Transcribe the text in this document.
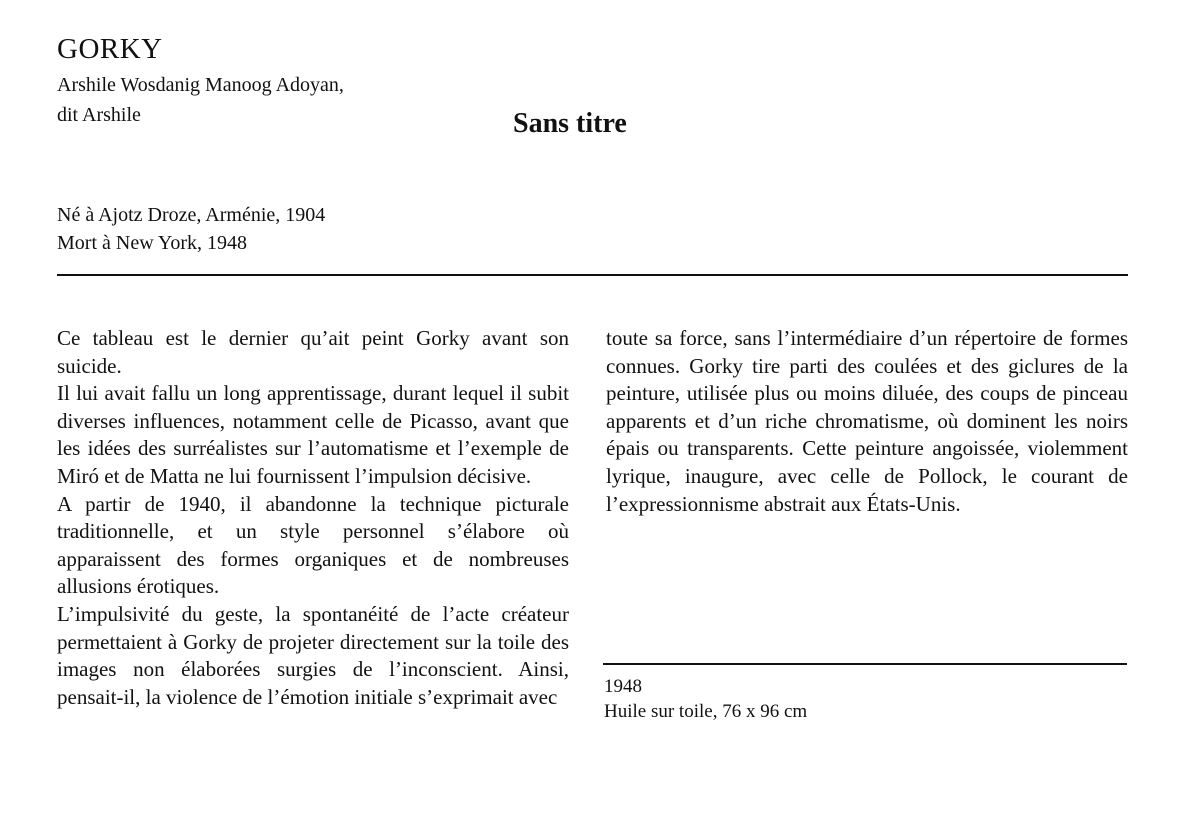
GORKY
Arshile Wosdanig Manoog Adoyan,
dit Arshile	Sans titre
Né à Ajotz Droze, Arménie, 1904
Mort à New York, 1948

Ce tableau est le dernier qu’ait peint Gorky avant son suicide.

Il lui avait fallu un long apprentissage, durant lequel il subit diverses influences, notamment celle de Picasso, avant que les idées des surréalistes sur l’automatisme et l’exemple de Miró et de Matta ne lui fournissent l’impulsion décisive.

A partir de 1940, il abandonne la technique picturale traditionnelle, et un style personnel s’élabore où apparaissent des formes organiques et de nombreuses allusions érotiques.

L’impulsivité du geste, la spontanéité de l’acte créateur permettaient à Gorky de projeter directement sur la toile des images non élaborées surgies de l’inconscient. Ainsi, pensait-il, la violence de l’émotion initiale s’exprimait avec

toute sa force, sans l’intermédiaire d’un répertoire de formes connues. Gorky tire parti des coulées et des giclures de la peinture, utilisée plus ou moins diluée, des coups de pinceau apparents et d’un riche chromatisme, où dominent les noirs épais ou transparents. Cette peinture angoissée, violemment lyrique, inaugure, avec celle de Pollock, le courant de l’expressionnisme abstrait aux États-Unis.

1948
Huile sur toile, 76 x 96 cm
